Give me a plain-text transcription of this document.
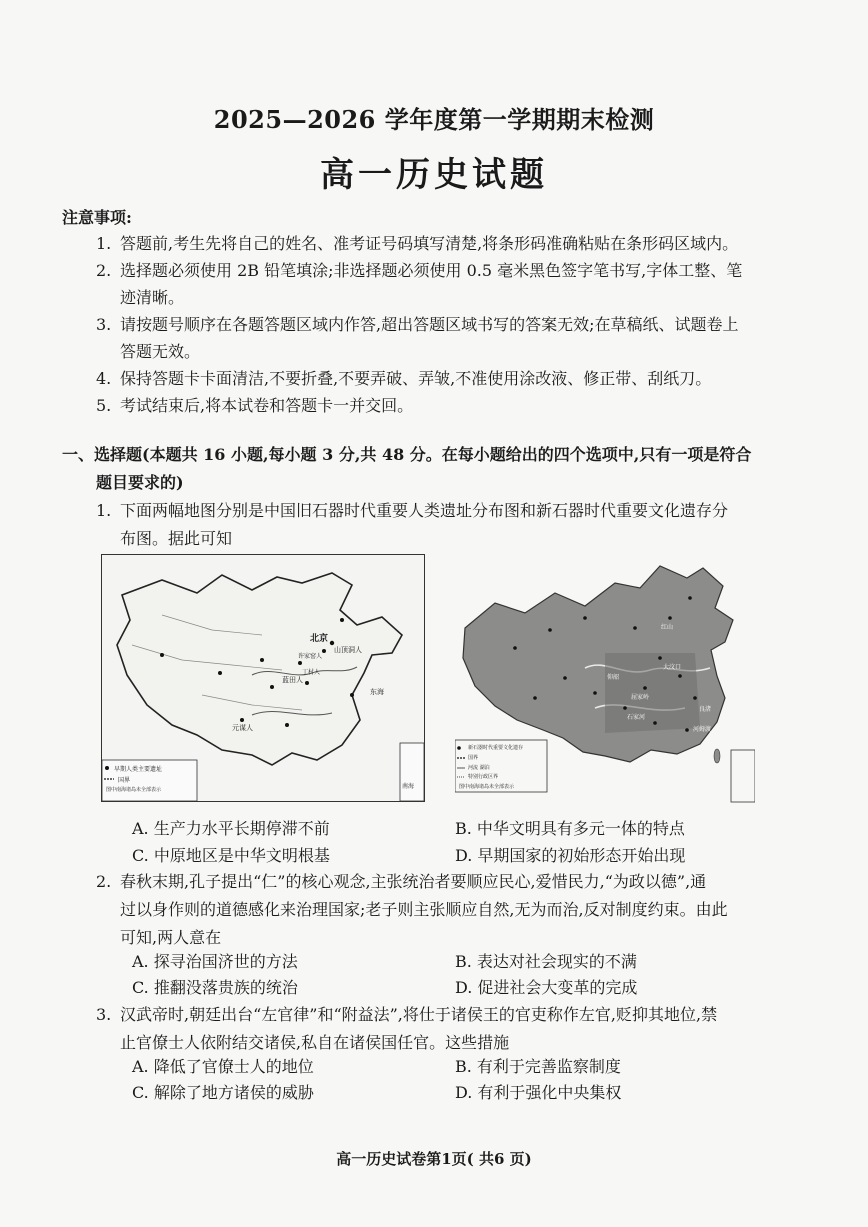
2025—2026 学年度第一学期期末检测
高一历史试题
注意事项:
1. 答题前,考生先将自己的姓名、准考证号码填写清楚,将条形码准确粘贴在条形码区域内。
2. 选择题必须使用 2B 铅笔填涂;非选择题必须使用 0.5 毫米黑色签字笔书写,字体工整、笔
迹清晰。
3. 请按题号顺序在各题答题区域内作答,超出答题区域书写的答案无效;在草稿纸、试题卷上
答题无效。
4. 保持答题卡卡面清洁,不要折叠,不要弄破、弄皱,不准使用涂改液、修正带、刮纸刀。
5. 考试结束后,将本试卷和答题卡一并交回。
一、选择题(本题共 16 小题,每小题 3 分,共 48 分。在每小题给出的四个选项中,只有一项是符合
题目要求的)
1. 下面两幅地图分别是中国旧石器时代重要人类遗址分布图和新石器时代重要文化遗存分
布图。据此可知
北京
山顶洞人
蓝田人
元谋人
许家窑人
丁村人
东海
南海
早期人类主要遗址
国界
图中南海诸岛未全部表示
仰韶
河姆渡
良渚
大汶口
红山
屈家岭
石家河
新石器时代重要文化遗存
国界
河流 湖泊
特别行政区界
图中南海诸岛未全部表示
A. 生产力水平长期停滞不前	B. 中华文明具有多元一体的特点
C. 中原地区是中华文明根基	D. 早期国家的初始形态开始出现
2. 春秋末期,孔子提出“仁”的核心观念,主张统治者要顺应民心,爱惜民力,“为政以德”,通
过以身作则的道德感化来治理国家;老子则主张顺应自然,无为而治,反对制度约束。由此
可知,两人意在
A. 探寻治国济世的方法	B. 表达对社会现实的不满
C. 推翻没落贵族的统治	D. 促进社会大变革的完成
3. 汉武帝时,朝廷出台“左官律”和“附益法”,将仕于诸侯王的官吏称作左官,贬抑其地位,禁
止官僚士人依附结交诸侯,私自在诸侯国任官。这些措施
A. 降低了官僚士人的地位	B. 有利于完善监察制度
C. 解除了地方诸侯的威胁	D. 有利于强化中央集权
高一历史试卷第1页( 共6 页)
